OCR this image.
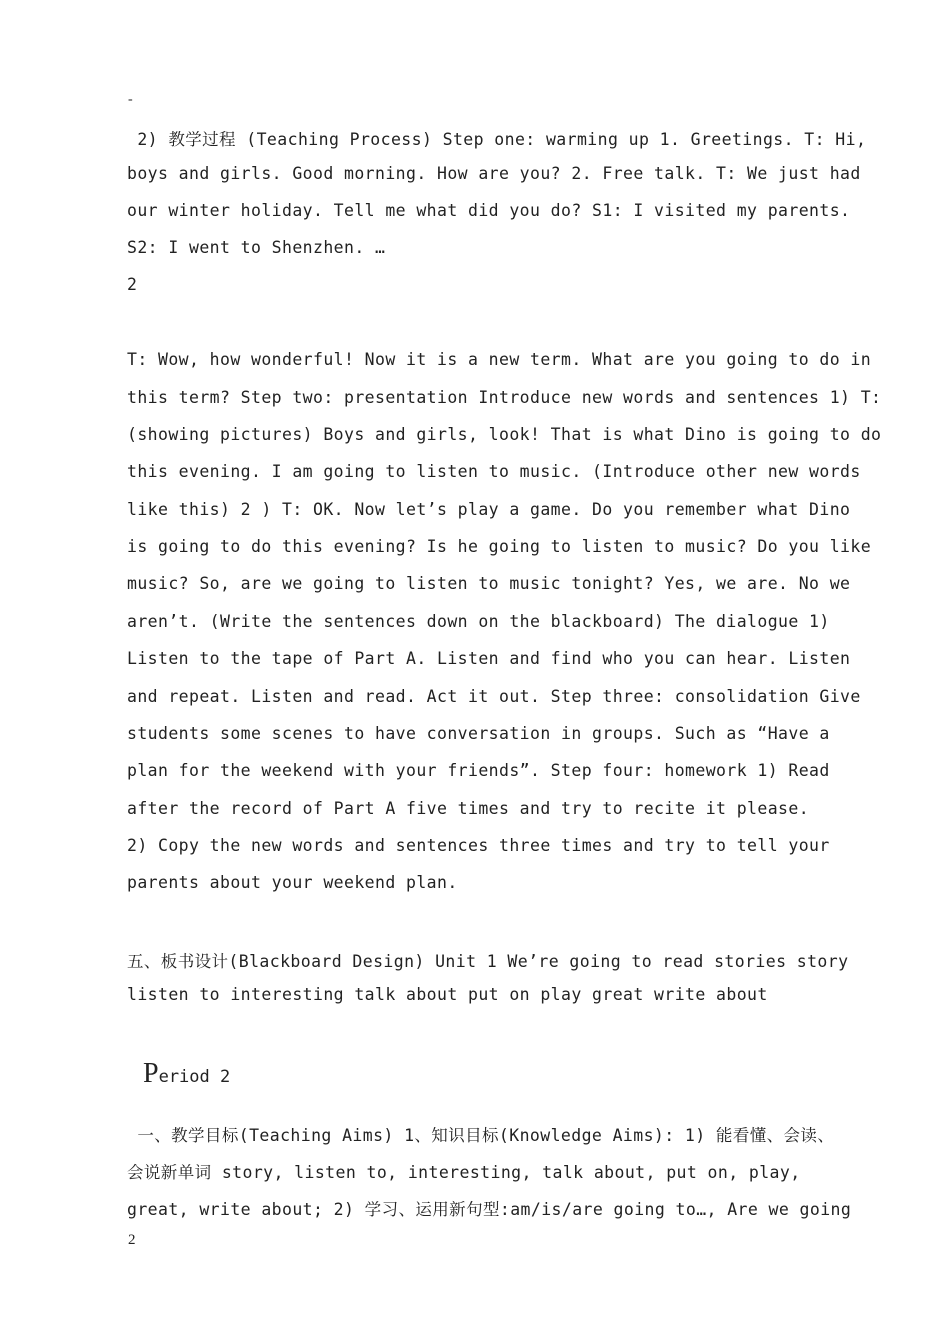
-
2) 教学过程 (Teaching Process) Step one: warming up 1. Greetings. T: Hi,
boys and girls. Good morning. How are you? 2. Free talk. T: We just had
our winter holiday. Tell me what did you do? S1: I visited my parents.
S2: I went to Shenzhen. …
2
T: Wow, how wonderful! Now it is a new term. What are you going to do in
this term? Step two: presentation Introduce new words and sentences 1) T:
(showing pictures) Boys and girls, look! That is what Dino is going to do
this evening. I am going to listen to music. (Introduce other new words
like this) 2 ) T: OK. Now let’s play a game. Do you remember what Dino
is going to do this evening? Is he going to listen to music? Do you like
music? So, are we going to listen to music tonight? Yes, we are. No we
aren’t. (Write the sentences down on the blackboard) The dialogue 1)
Listen to the tape of Part A. Listen and find who you can hear. Listen
and repeat. Listen and read. Act it out. Step three: consolidation Give
students some scenes to have conversation in groups. Such as “Have a
plan for the weekend with your friends”. Step four: homework 1) Read
after the record of Part A five times and try to recite it please.
2) Copy the new words and sentences three times and try to tell your
parents about your weekend plan.
五、板书设计(Blackboard Design) Unit 1 We’re going to read stories story
listen to interesting talk about put on play great write about

Period 2

一、教学目标(Teaching Aims) 1、知识目标(Knowledge Aims): 1) 能看懂、会读、
会说新单词 story, listen to, interesting, talk about, put on, play,
great, write about; 2) 学习、运用新句型:am/is/are going to…, Are we going
2
